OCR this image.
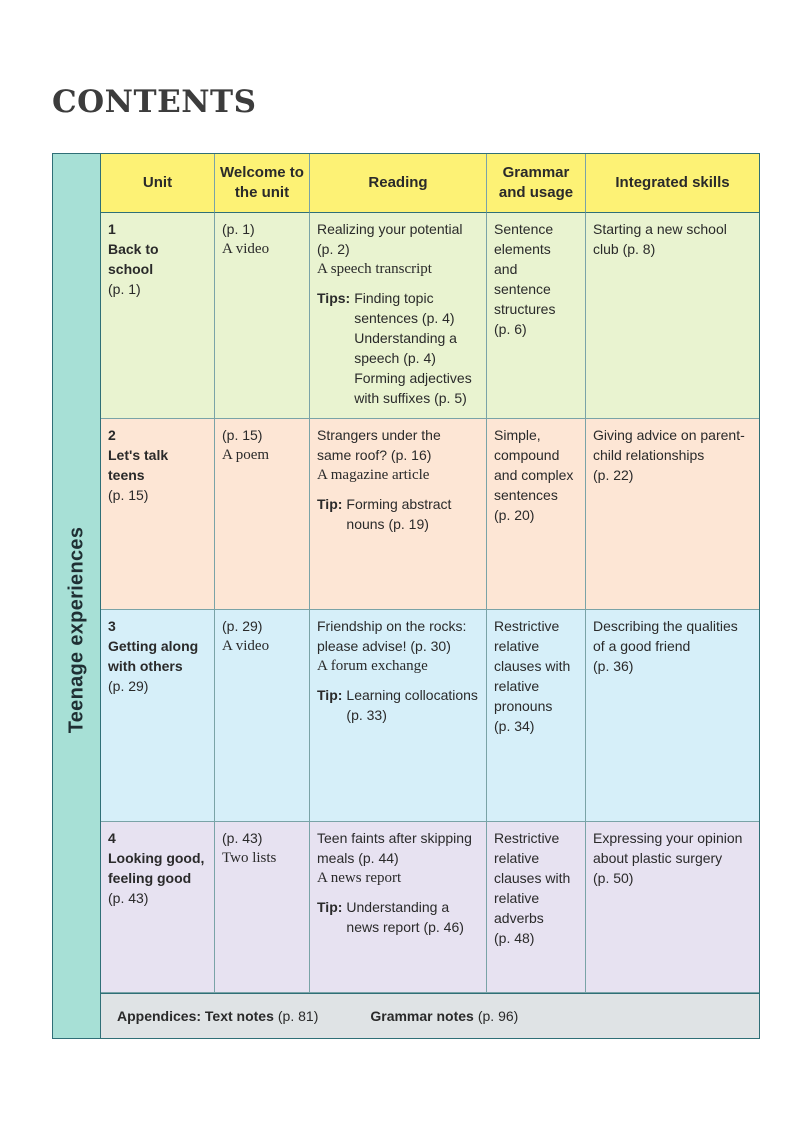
CONTENTS
Teenage experiences
Unit
Welcome to the unit
Reading
Grammar and usage
Integrated skills
1
Back to school
(p. 1)
(p. 1)
A video
Realizing your potential
(p. 2)
A speech transcript
Tips: Finding topic
sentences (p. 4)
Understanding a
speech (p. 4)
Forming adjectives
with suffixes (p. 5)
Sentence
elements
and sentence
structures
(p. 6)
Starting a new school
club (p. 8)
2
Let's talk teens
(p. 15)
(p. 15)
A poem
Strangers under the
same roof? (p. 16)
A magazine article
Tip: Forming abstract
nouns (p. 19)
Simple,
compound
and complex
sentences
(p. 20)
Giving advice on parent-
child relationships
(p. 22)
3
Getting along with others
(p. 29)
(p. 29)
A video
Friendship on the rocks:
please advise! (p. 30)
A forum exchange
Tip: Learning collocations
(p. 33)
Restrictive
relative
clauses with
relative
pronouns
(p. 34)
Describing the qualities
of a good friend
(p. 36)
4
Looking good, feeling good
(p. 43)
(p. 43)
Two lists
Teen faints after skipping
meals (p. 44)
A news report
Tip: Understanding a
news report (p. 46)
Restrictive
relative
clauses with
relative
adverbs
(p. 48)
Expressing your opinion
about plastic surgery
(p. 50)
Appendices: Text notes (p. 81)	Grammar notes (p. 96)
